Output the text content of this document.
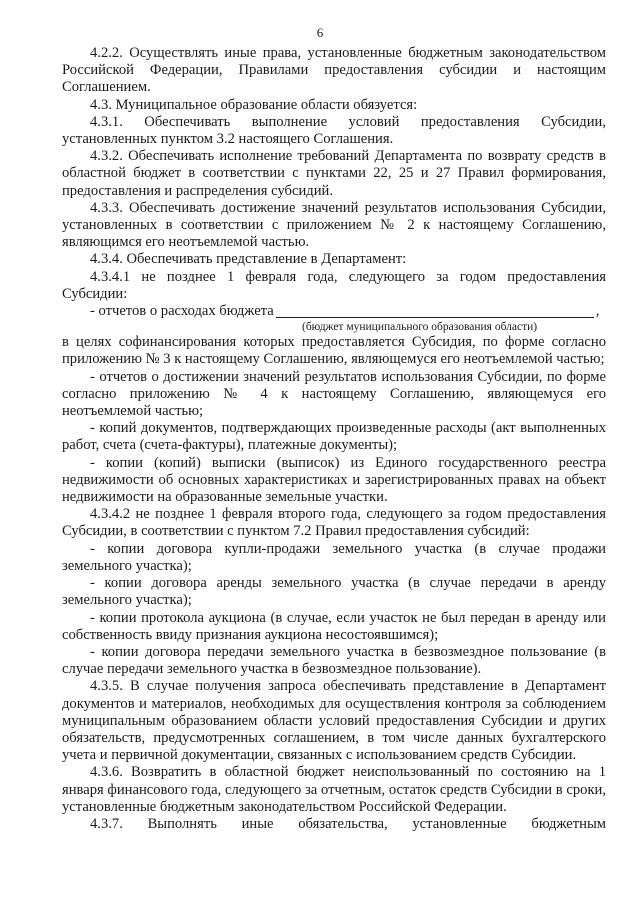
6

4.2.2. Осуществлять иные права, установленные бюджетным законодательством Российской Федерации, Правилами предоставления субсидии и настоящим Соглашением.

4.3. Муниципальное образование области обязуется:

4.3.1. Обеспечивать выполнение условий предоставления Субсидии, установленных пунктом 3.2 настоящего Соглашения.

4.3.2. Обеспечивать исполнение требований Департамента по возврату средств в областной бюджет в соответствии с пунктами 22, 25 и 27 Правил формирования, предоставления и распределения субсидий.

4.3.3. Обеспечивать достижение значений результатов использования Субсидии, установленных в соответствии с приложением № 2 к настоящему Соглашению, являющимся его неотъемлемой частью.

4.3.4. Обеспечивать представление в Департамент:

4.3.4.1 не позднее 1 февраля года, следующего за годом предоставления Субсидии:

- отчетов о расходах бюджета	,
(бюджет муниципального образования области)

в целях софинансирования которых предоставляется Субсидия, по форме согласно приложению № 3 к настоящему Соглашению, являющемуся его неотъемлемой частью;

- отчетов о достижении значений результатов использования Субсидии, по форме согласно приложению № 4 к настоящему Соглашению, являющемуся его неотъемлемой частью;

- копий документов, подтверждающих произведенные расходы (акт выполненных работ, счета (счета-фактуры), платежные документы);

- копии (копий) выписки (выписок) из Единого государственного реестра недвижимости об основных характеристиках и зарегистрированных правах на объект недвижимости на образованные земельные участки.

4.3.4.2 не позднее 1 февраля второго года, следующего за годом предоставления Субсидии, в соответствии с пунктом 7.2 Правил предоставления субсидий:

- копии договора купли-продажи земельного участка (в случае продажи земельного участка);

- копии договора аренды земельного участка (в случае передачи в аренду земельного участка);

- копии протокола аукциона (в случае, если участок не был передан в аренду или собственность ввиду признания аукциона несостоявшимся);

- копии договора передачи земельного участка в безвозмездное пользование (в случае передачи земельного участка в безвозмездное пользование).

4.3.5. В случае получения запроса обеспечивать представление в Департамент документов и материалов, необходимых для осуществления контроля за соблюдением муниципальным образованием области условий предоставления Субсидии и других обязательств, предусмотренных соглашением, в том числе данных бухгалтерского учета и первичной документации, связанных с использованием средств Субсидии.

4.3.6. Возвратить в областной бюджет неиспользованный по состоянию на 1 января финансового года, следующего за отчетным, остаток средств Субсидии в сроки, установленные бюджетным законодательством Российской Федерации.

4.3.7. Выполнять иные обязательства, установленные бюджетным
